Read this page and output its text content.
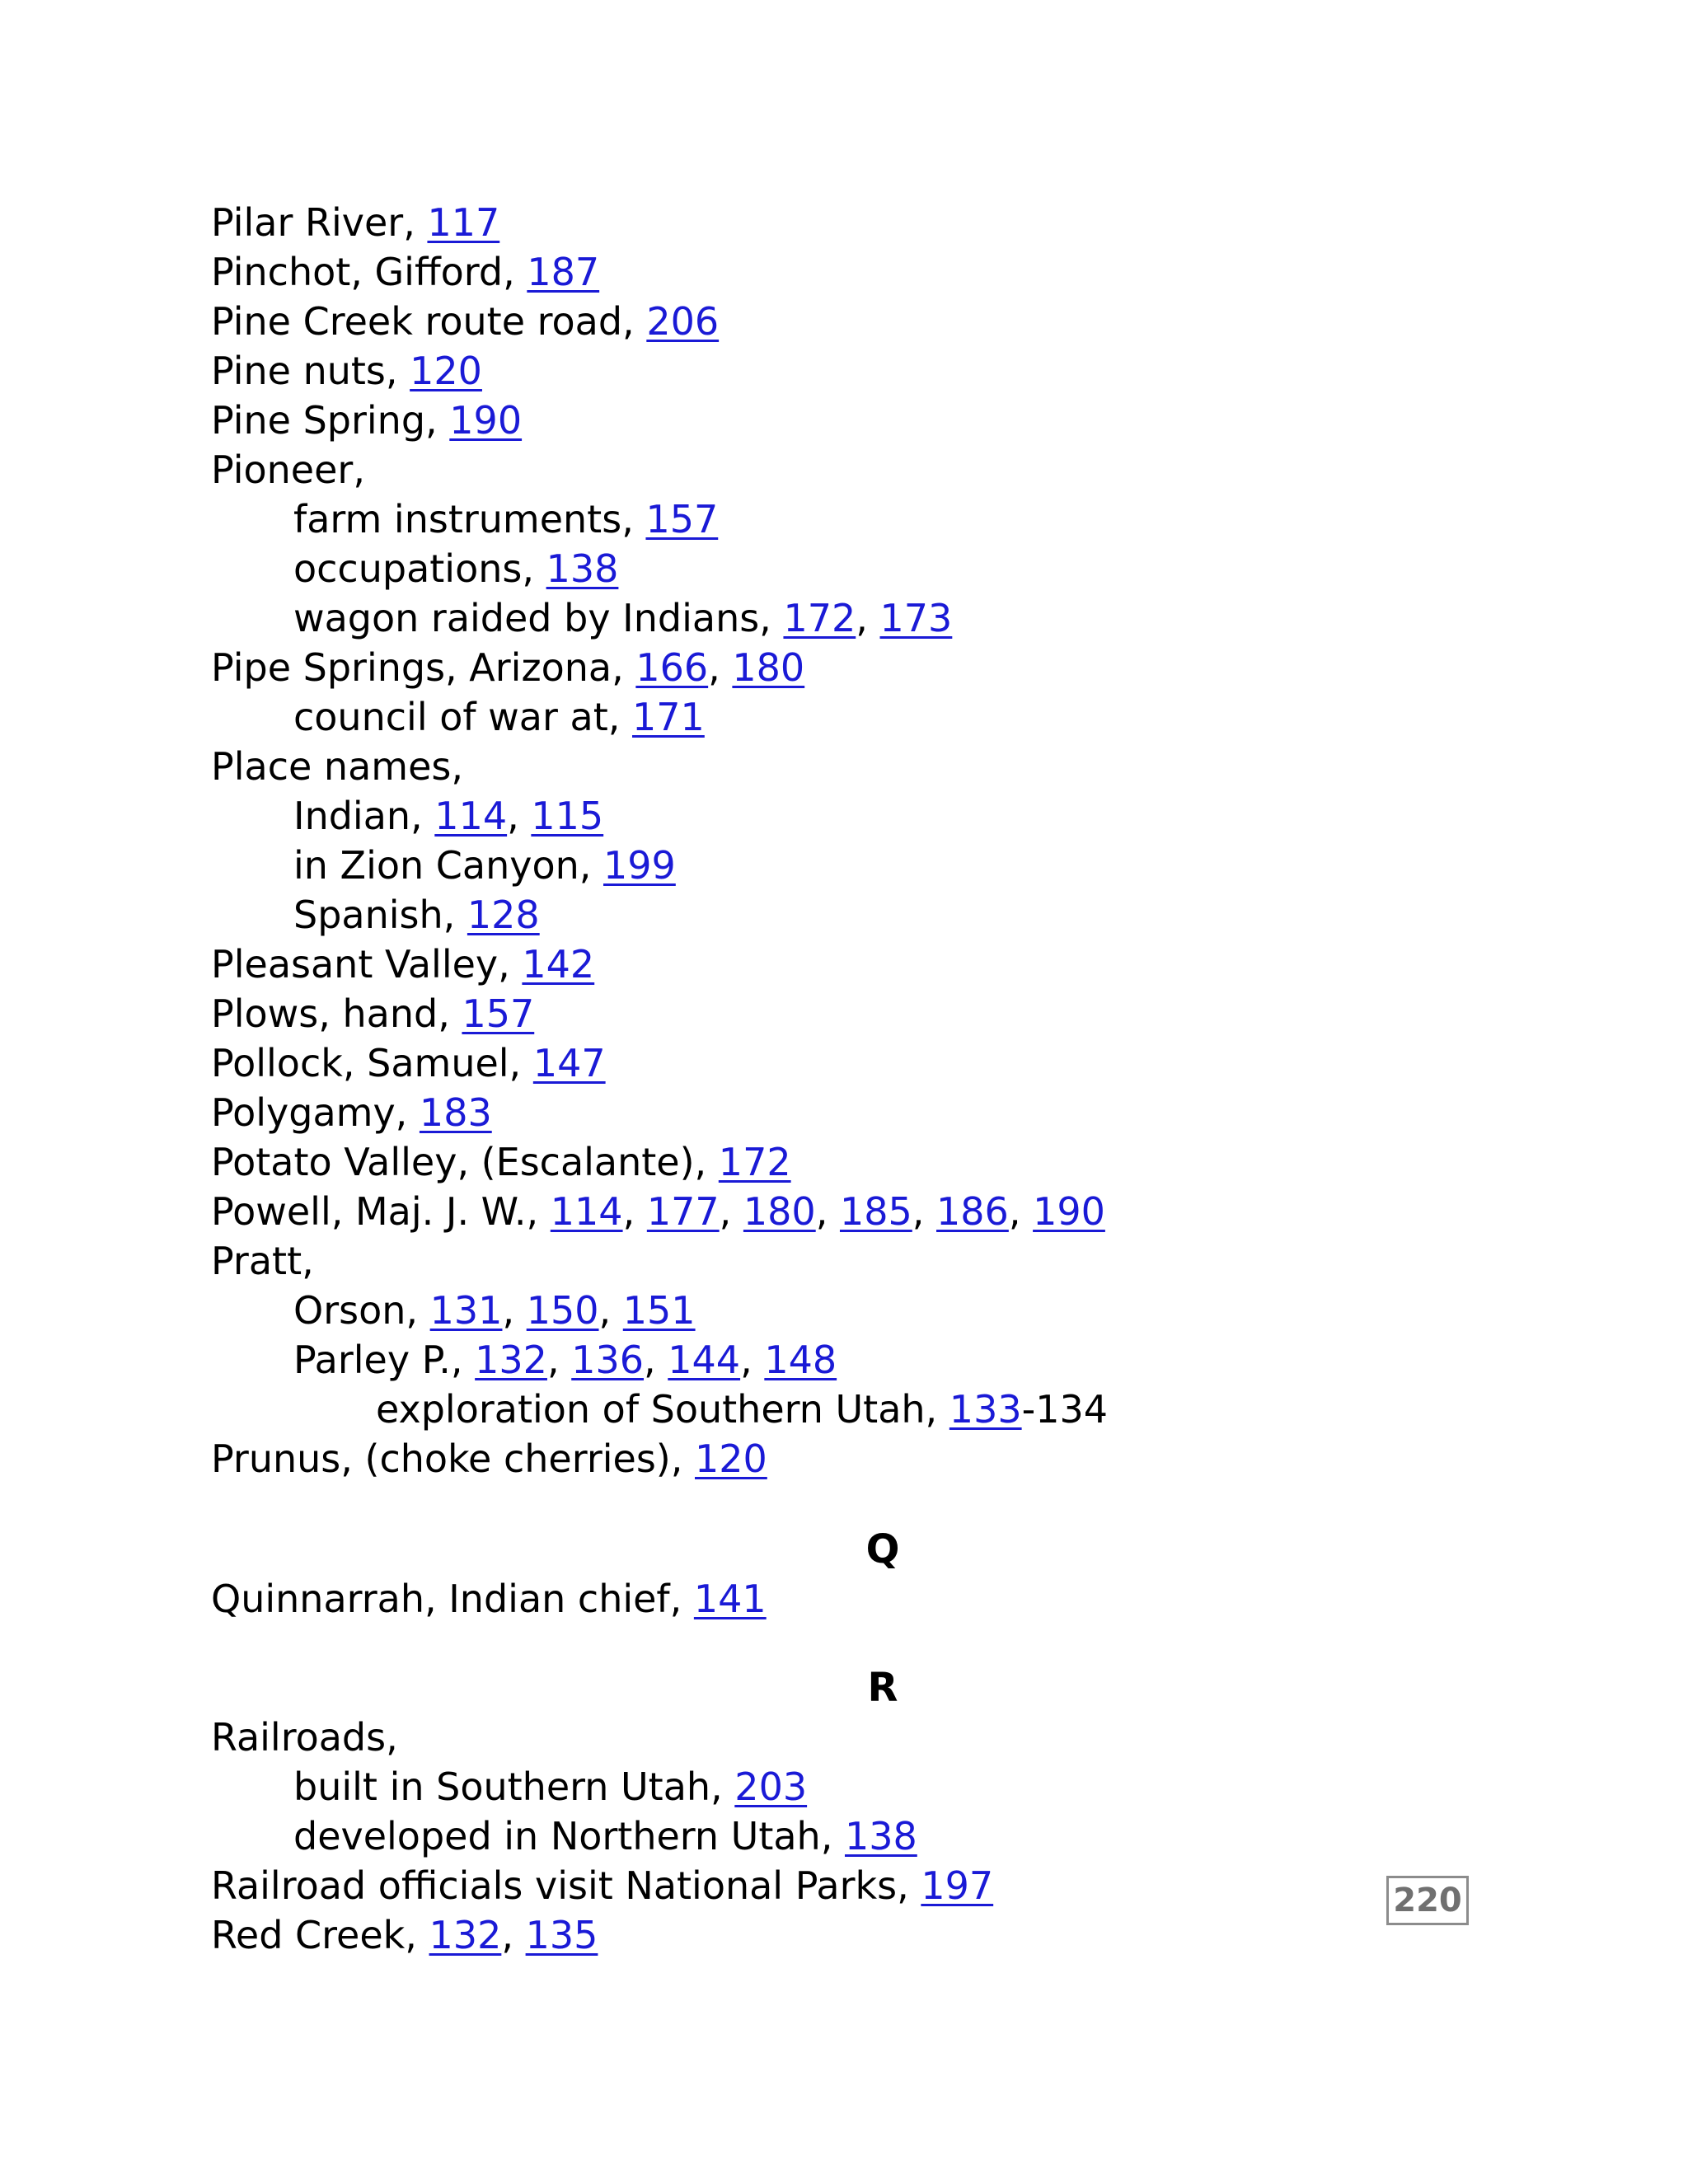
Pilar River, 117
Pinchot, Gifford, 187
Pine Creek route road, 206
Pine nuts, 120
Pine Spring, 190
Pioneer,
farm instruments, 157
occupations, 138
wagon raided by Indians, 172, 173
Pipe Springs, Arizona, 166, 180
council of war at, 171
Place names,
Indian, 114, 115
in Zion Canyon, 199
Spanish, 128
Pleasant Valley, 142
Plows, hand, 157
Pollock, Samuel, 147
Polygamy, 183
Potato Valley, (Escalante), 172
Powell, Maj. J. W., 114, 177, 180, 185, 186, 190
Pratt,
Orson, 131, 150, 151
Parley P., 132, 136, 144, 148
exploration of Southern Utah, 133-134
Prunus, (choke cherries), 120
Q
Quinnarrah, Indian chief, 141
R
Railroads,
built in Southern Utah, 203
developed in Northern Utah, 138
Railroad officials visit National Parks, 197
Red Creek, 132, 135
220
